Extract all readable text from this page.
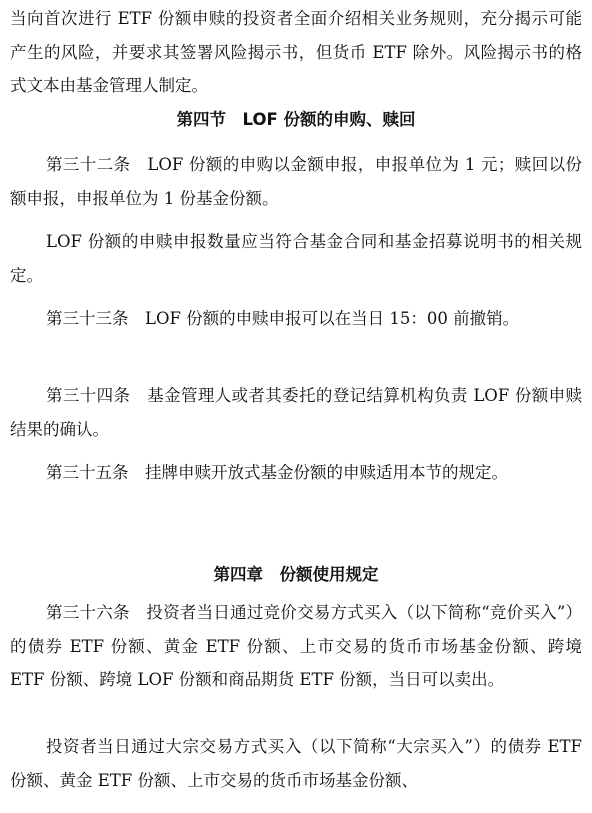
当向首次进行 ETF 份额申赎的投资者全面介绍相关业务规则，充分揭示可能产生的风险，并要求其签署风险揭示书，但货币 ETF 除外。风险揭示书的格式文本由基金管理人制定。

第四节　LOF 份额的申购、赎回

第三十二条　LOF 份额的申购以金额申报，申报单位为 1 元；赎回以份额申报，申报单位为 1 份基金份额。

LOF 份额的申赎申报数量应当符合基金合同和基金招募说明书的相关规定。

第三十三条　LOF 份额的申赎申报可以在当日 15：00 前撤销。

第三十四条　基金管理人或者其委托的登记结算机构负责 LOF 份额申赎结果的确认。

第三十五条　挂牌申赎开放式基金份额的申赎适用本节的规定。

第四章　份额使用规定

第三十六条　投资者当日通过竞价交易方式买入（以下简称“竞价买入”）的债券 ETF 份额、黄金 ETF 份额、上市交易的货币市场基金份额、跨境 ETF 份额、跨境 LOF 份额和商品期货 ETF 份额，当日可以卖出。

投资者当日通过大宗交易方式买入（以下简称“大宗买入”）的债券 ETF 份额、黄金 ETF 份额、上市交易的货币市场基金份额、
